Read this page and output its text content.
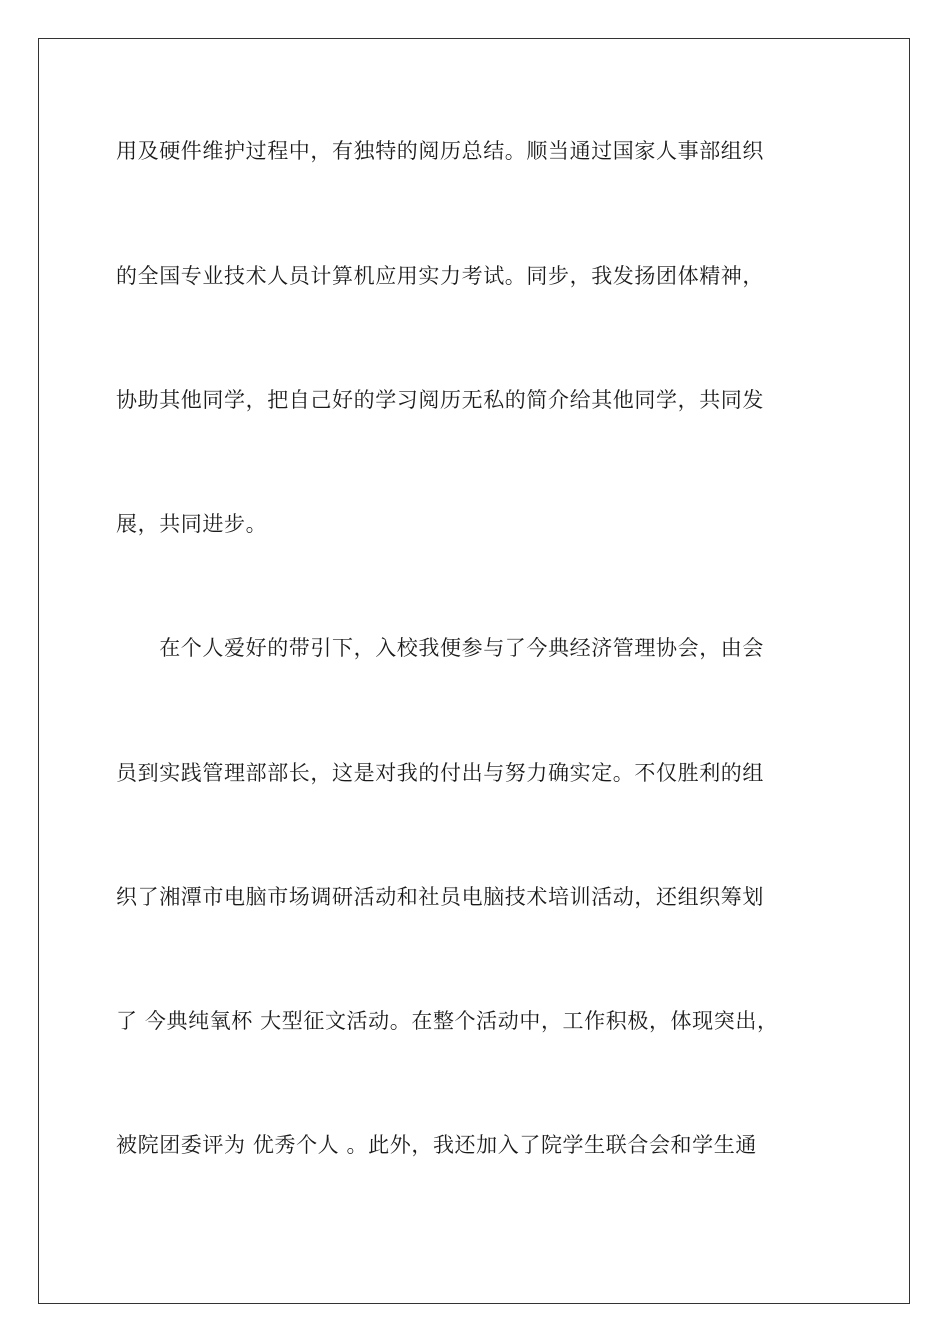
用及硬件维护过程中，有独特的阅历总结。顺当通过国家人事部组织
的全国专业技术人员计算机应用实力考试。同步，我发扬团体精神，
协助其他同学，把自己好的学习阅历无私的简介给其他同学，共同发
展，共同进步。
　　在个人爱好的带引下，入校我便参与了今典经济管理协会，由会
员到实践管理部部长，这是对我的付出与努力确实定。不仅胜利的组
织了湘潭市电脑市场调研活动和社员电脑技术培训活动，还组织筹划
了 今典纯氧杯 大型征文活动。在整个活动中，工作积极，体现突出，
被院团委评为 优秀个人 。此外，我还加入了院学生联合会和学生通
